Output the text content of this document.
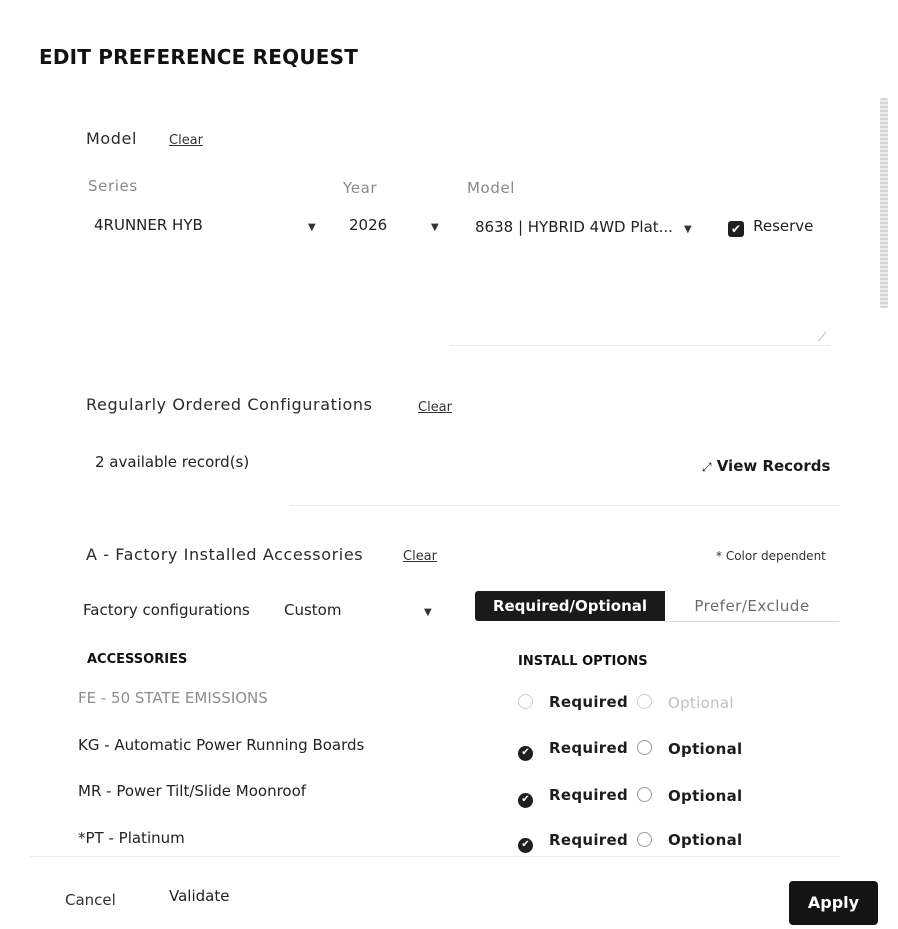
EDIT PREFERENCE REQUEST
Model Clear
Series	Year	Model
4RUNNER HYB	▼ 2026	▼ 8638 | HYBRID 4WD Plat...	▼	✔ Reserve
⟋
Regularly Ordered Configurations	Clear
2 available record(s)	⤢ View Records
A - Factory Installed Accessories	Clear	* Color dependent
Factory configurations Custom	▼	Required/Optional	Prefer/Exclude
ACCESSORIES	INSTALL OPTIONS
FE - 50 STATE EMISSIONS	Required	Optional
KG - Automatic Power Running Boards	✔ Required	Optional
MR - Power Tilt/Slide Moonroof	✔ Required	Optional
*PT - Platinum	✔ Required	Optional
Cancel	Validate	Apply
